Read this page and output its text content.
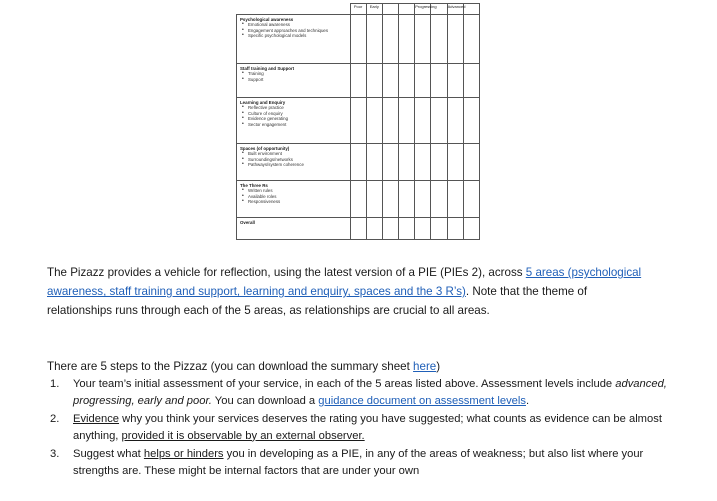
	Poor	Early			Progressing		Advanced	

Psychological awareness
• Emotional awareness
• Engagement approaches and techniques
• Specific psychological models

Staff training and Support
• Training
• Support

Learning and Enquiry
• Reflective practice
• Culture of enquiry
• Evidence generating
• Sector engagement

Spaces (of opportunity)
• Built environment
• Surroundings/networks
• Pathways/system coherence

The Three Rs
• Written rules
• Available roles
• Responsiveness

Overall								

The Pizazz provides a vehicle for reflection, using the latest version of a PIE (PIEs 2), across 5 areas (psychological awareness, staff training and support, learning and enquiry, spaces and the 3 R’s). Note that the theme of relationships runs through each of the 5 areas, as relationships are crucial to all areas.

There are 5 steps to the Pizzaz (you can download the summary sheet here)

1. Your team’s initial assessment of your service, in each of the 5 areas listed above. Assessment levels include advanced, progressing, early and poor. You can download a guidance document on assessment levels.
2. Evidence why you think your services deserves the rating you have suggested; what counts as evidence can be almost anything, provided it is observable by an external observer.
3. Suggest what helps or hinders you in developing as a PIE, in any of the areas of weakness; but also list where your strengths are. These might be internal factors that are under your own
